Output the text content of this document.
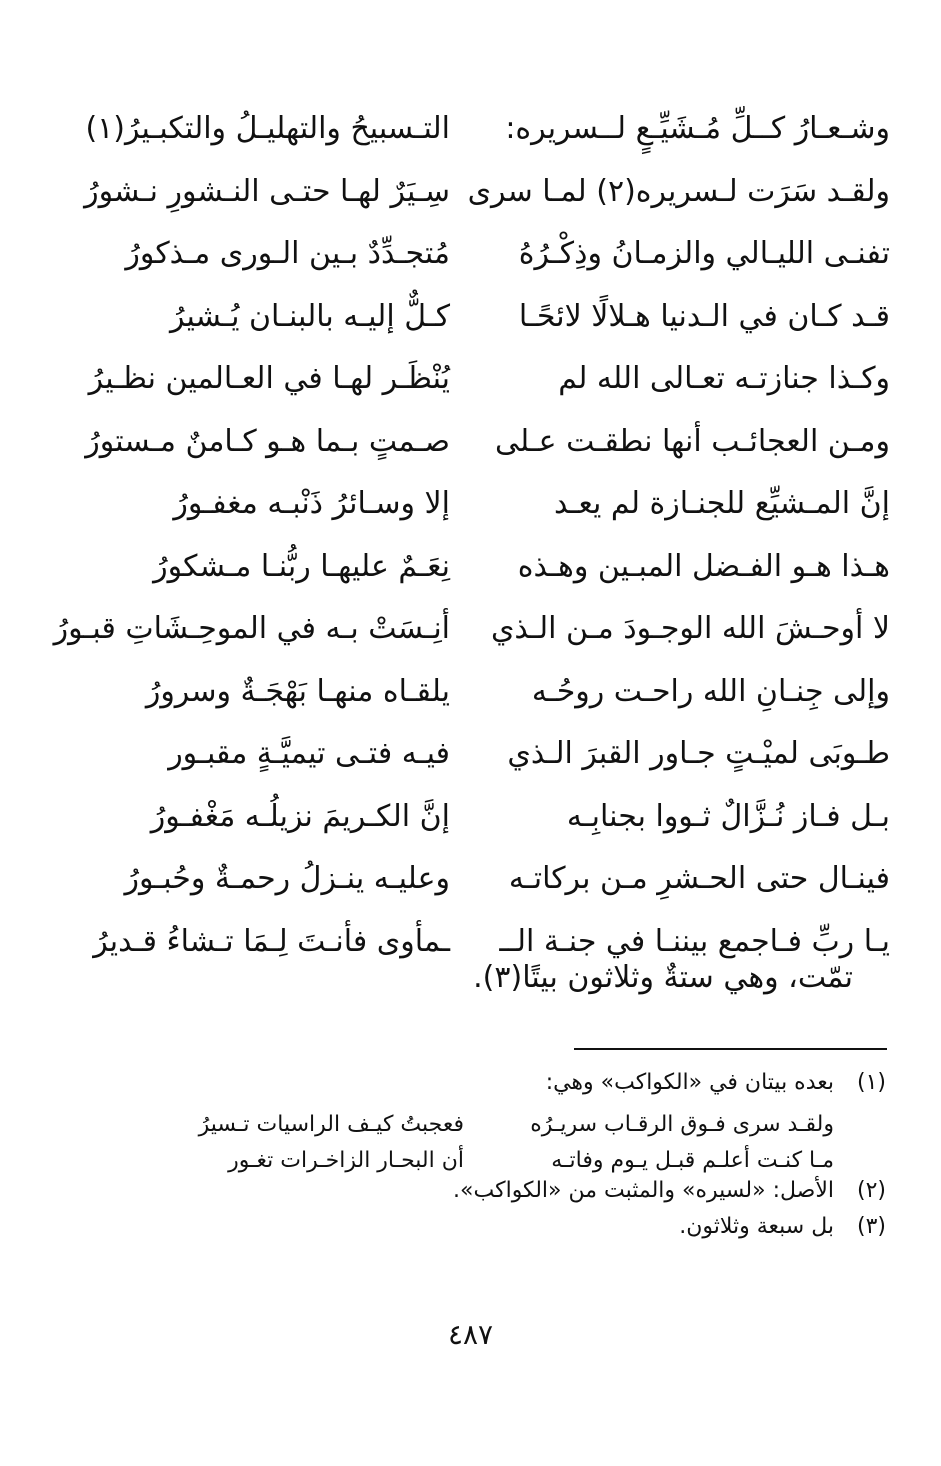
وشـعـارُ كــلِّ مُـشَيِّـعٍ لــسريره:
التـسبيحُ والتهليـلُ والتكبـيرُ(١)
ولقـد سَرَت لـسريره(٢) لمـا سرى
سِـيَرٌ لهـا حتـى النـشورِ نـشورُ
تفنـى الليـالي والزمـانُ وذِكْـرُهُ
مُتجـدِّدٌ بـين الـورى مـذكورُ
قـد كـان في الـدنيا هـلالًا لائحًـا
كـلٌّ إليـه بالبنـان يُـشيرُ
وكـذا جنازتـه تعـالى الله لم
يُنْظَـر لهـا في العـالمين نظـيرُ
ومـن العجائـب أنها نطقـت عـلى
صـمتٍ بـما هـو كـامنٌ مـستورُ
إنَّ المـشيِّع للجنـازة لم يعـد
إلا وسـائرُ ذَنْبـه مغفـورُ
هـذا هـو الفـضل المبـين وهـذه
نِعَـمٌ عليهـا ربُّنـا مـشكورُ
لا أوحـشَ الله الوجـودَ مـن الـذي
أنِـسَتْ بـه في الموحِـشَاتِ قبـورُ
وإلى جِنـانِ الله راحـت روحُـه
يلقـاه منهـا بَهْجَـةٌ وسرورُ
طـوبَى لميْـتٍ جـاور القبرَ الـذي
فيـه فتـى تيميَّـةٍ مقبـور
بـل فـاز نُـزَّالٌ ثـووا بجنابِـه
إنَّ الكـريمَ نزيلُـه مَغْفـورُ
فينـال حتى الحـشرِ مـن بركاتـه
وعليـه ينـزلُ رحمـةٌ وحُبـورُ
يـا ربِّ فـاجمع بيننـا في جنـة الــ
ـمأوى فأنـتَ لِـمَا تـشاءُ قـديرُ
تمّت، وهي ستةٌ وثلاثون بيتًا(٣).
(١)
بعده بيتان في «الكواكب» وهي:
ولقـد سرى فـوق الرقـاب سريـرُه
فعجبتُ كيـف الراسيات تـسيرُ
مـا كنـت أعلـم قبـل يـوم وفاتـه
أن البحـار الزاخـرات تغـور
(٢)
الأصل: «لسيره» والمثبت من «الكواكب».
(٣)
بل سبعة وثلاثون.
٤٨٧
